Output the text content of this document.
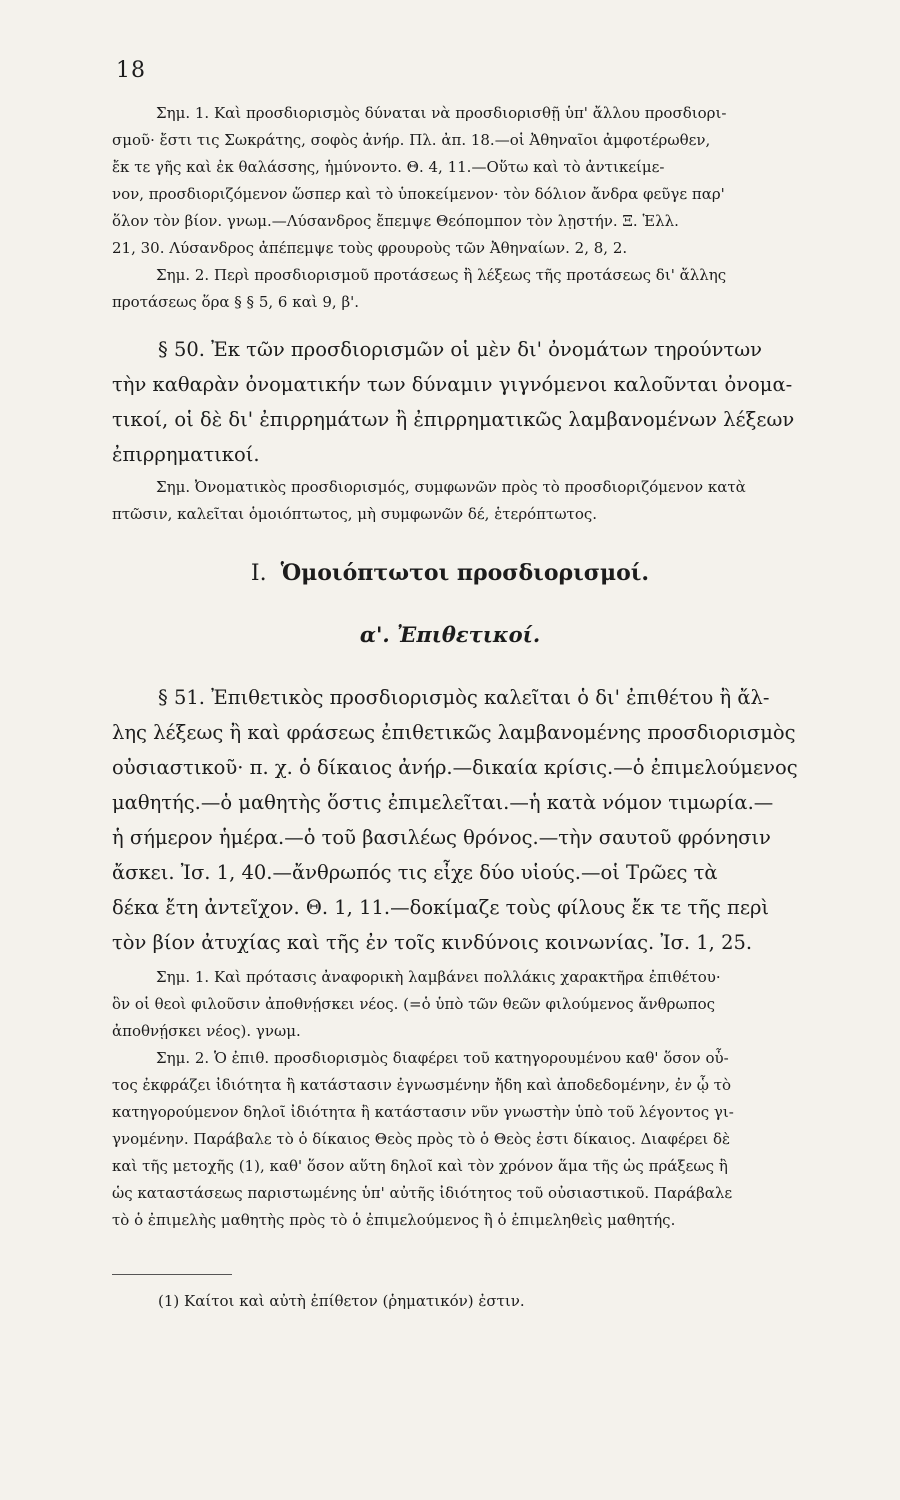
18
Σημ. 1. Καὶ προσδιορισμὸς δύναται νὰ προσδιορισθῇ ὑπ' ἄλλου προσδιορι-
σμοῦ· ἔστι τις Σωκράτης, σοφὸς ἀνήρ. Πλ. ἀπ. 18.—οἱ Ἀθηναῖοι ἀμφοτέρωθεν,
ἔκ τε γῆς καὶ ἐκ θαλάσσης, ἡμύνοντο. Θ. 4, 11.—Οὕτω καὶ τὸ ἀντικείμε-
νον, προσδιοριζόμενον ὥσπερ καὶ τὸ ὑποκείμενον· τὸν δόλιον ἄνδρα φεῦγε παρ'
ὅλον τὸν βίον. γνωμ.—Λύσανδρος ἔπεμψε Θεόπομπον τὸν λῃστήν. Ξ. Ἑλλ.
21, 30. Λύσανδρος ἀπέπεμψε τοὺς φρουροὺς τῶν Ἀθηναίων. 2, 8, 2.
Σημ. 2. Περὶ προσδιορισμοῦ προτάσεως ἢ λέξεως τῆς προτάσεως δι' ἄλλης
προτάσεως ὅρα § § 5, 6 καὶ 9, β'.
§ 50. Ἐκ τῶν προσδιορισμῶν οἱ μὲν δι' ὀνομάτων τηρούντων
τὴν καθαρὰν ὀνοματικήν των δύναμιν γιγνόμενοι καλοῦνται ὀνομα-
τικοί, οἱ δὲ δι' ἐπιρρημάτων ἢ ἐπιρρηματικῶς λαμβανομένων λέξεων
ἐπιρρηματικοί.
Σημ. Ὀνοματικὸς προσδιορισμός, συμφωνῶν πρὸς τὸ προσδιοριζόμενον κατὰ
πτῶσιν, καλεῖται ὁμοιόπτωτος, μὴ συμφωνῶν δέ, ἑτερόπτωτος.
I. Ὁμοιόπτωτοι προσδιορισμοί.
α'. Ἐπιθετικοί.
§ 51. Ἐπιθετικὸς προσδιορισμὸς καλεῖται ὁ δι' ἐπιθέτου ἢ ἄλ-
λης λέξεως ἢ καὶ φράσεως ἐπιθετικῶς λαμβανομένης προσδιορισμὸς
οὐσιαστικοῦ· π. χ. ὁ δίκαιος ἀνήρ.—δικαία κρίσις.—ὁ ἐπιμελούμενος
μαθητής.—ὁ μαθητὴς ὅστις ἐπιμελεῖται.—ἡ κατὰ νόμον τιμωρία.—
ἡ σήμερον ἡμέρα.—ὁ τοῦ βασιλέως θρόνος.—τὴν σαυτοῦ φρόνησιν
ἄσκει. Ἰσ. 1, 40.—ἄνθρωπός τις εἶχε δύο υἱούς.—οἱ Τρῶες τὰ
δέκα ἔτη ἀντεῖχον. Θ. 1, 11.—δοκίμαζε τοὺς φίλους ἔκ τε τῆς περὶ
τὸν βίον ἀτυχίας καὶ τῆς ἐν τοῖς κινδύνοις κοινωνίας. Ἰσ. 1, 25.
Σημ. 1. Καὶ πρότασις ἀναφορικὴ λαμβάνει πολλάκις χαρακτῆρα ἐπιθέτου·
ὃν οἱ θεοὶ φιλοῦσιν ἀποθνῄσκει νέος. (=ὁ ὑπὸ τῶν θεῶν φιλούμενος ἄνθρωπος
ἀποθνῄσκει νέος). γνωμ.
Σημ. 2. Ὁ ἐπιθ. προσδιορισμὸς διαφέρει τοῦ κατηγορουμένου καθ' ὅσον οὗ-
τος ἐκφράζει ἰδιότητα ἢ κατάστασιν ἐγνωσμένην ἤδη καὶ ἀποδεδομένην, ἐν ᾧ τὸ
κατηγορούμενον δηλοῖ ἰδιότητα ἢ κατάστασιν νῦν γνωστὴν ὑπὸ τοῦ λέγοντος γι-
γνομένην. Παράβαλε τὸ ὁ δίκαιος Θεὸς πρὸς τὸ ὁ Θεὸς ἐστι δίκαιος. Διαφέρει δὲ
καὶ τῆς μετοχῆς (1), καθ' ὅσον αὕτη δηλοῖ καὶ τὸν χρόνον ἅμα τῆς ὡς πράξεως ἢ
ὡς καταστάσεως παριστωμένης ὑπ' αὐτῆς ἰδιότητος τοῦ οὐσιαστικοῦ. Παράβαλε
τὸ ὁ ἐπιμελὴς μαθητὴς πρὸς τὸ ὁ ἐπιμελούμενος ἢ ὁ ἐπιμεληθεὶς μαθητής.
(1) Καίτοι καὶ αὐτὴ ἐπίθετον (ῥηματικόν) ἐστιν.
